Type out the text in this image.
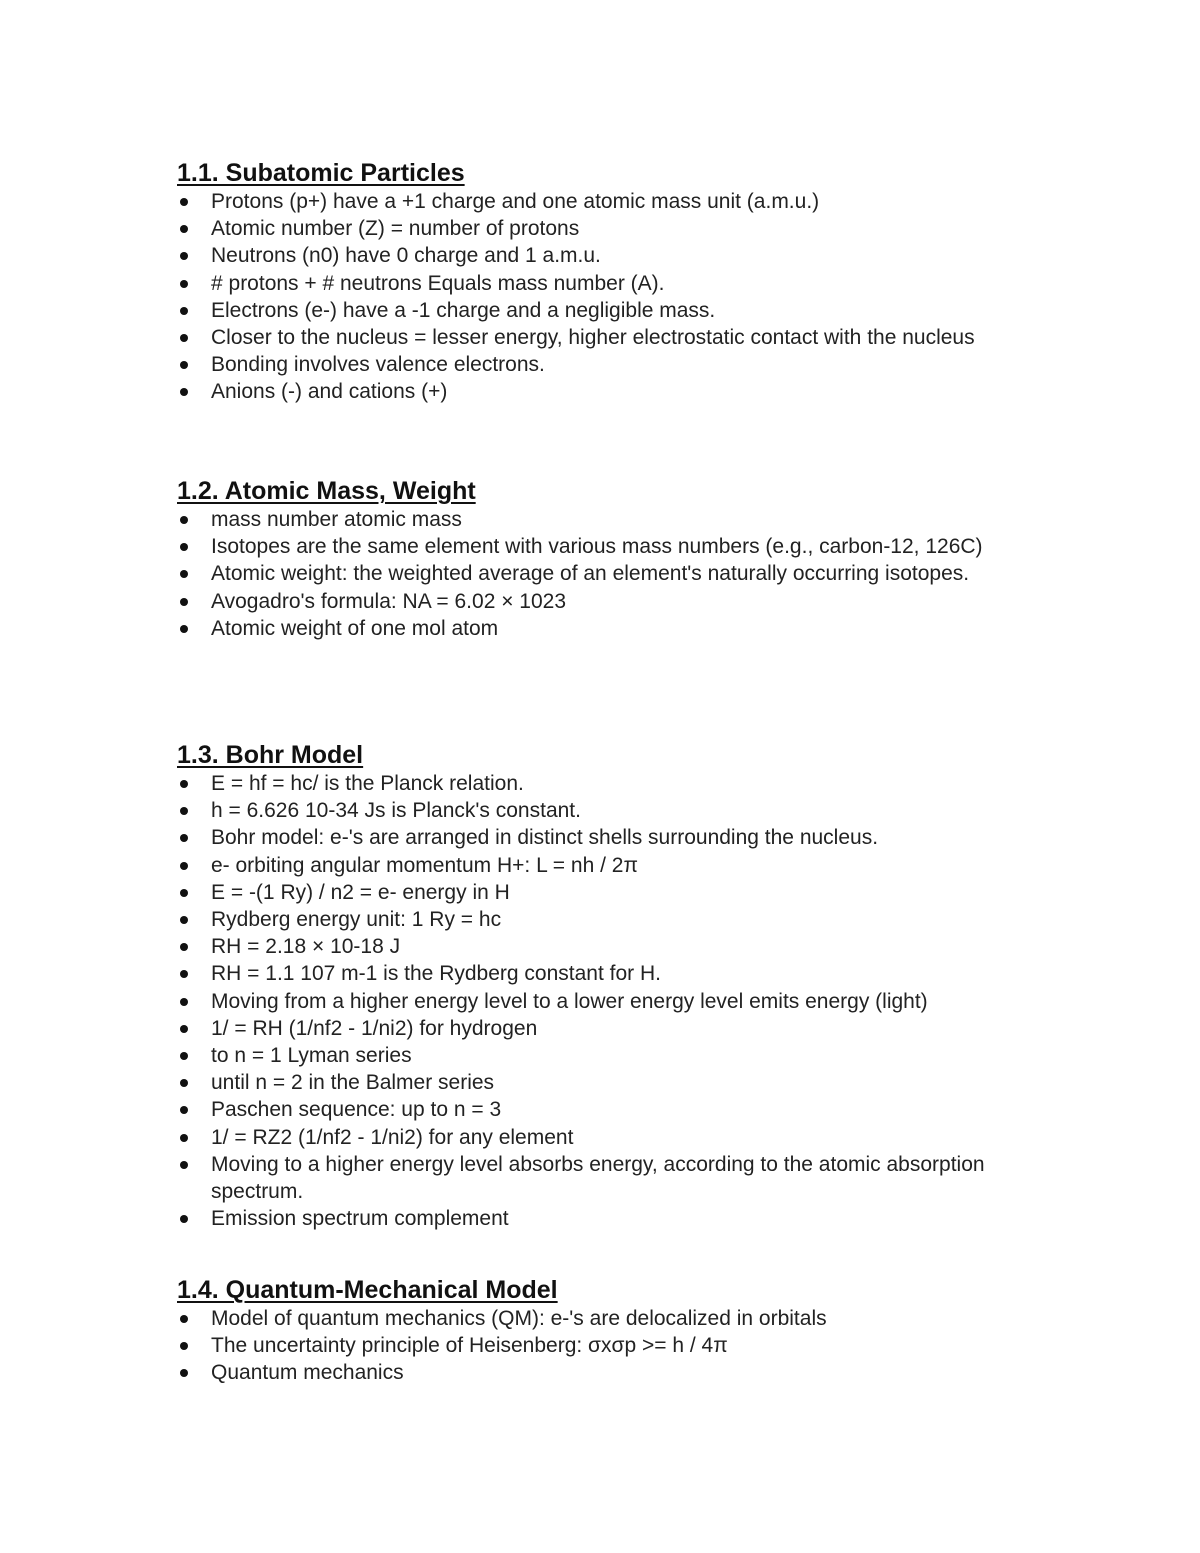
1.1. Subatomic Particles
Protons (p+) have a +1 charge and one atomic mass unit (a.m.u.)
Atomic number (Z) = number of protons
Neutrons (n0) have 0 charge and 1 a.m.u.
# protons + # neutrons Equals mass number (A).
Electrons (e-) have a -1 charge and a negligible mass.
Closer to the nucleus = lesser energy, higher electrostatic contact with the nucleus
Bonding involves valence electrons.
Anions (-) and cations (+)
1.2. Atomic Mass, Weight
mass number atomic mass
Isotopes are the same element with various mass numbers (e.g., carbon-12, 126C)
Atomic weight: the weighted average of an element's naturally occurring isotopes.
Avogadro's formula: NA = 6.02 × 1023
Atomic weight of one mol atom
1.3. Bohr Model
E = hf = hc/ is the Planck relation.
h = 6.626 10-34 Js is Planck's constant.
Bohr model: e-'s are arranged in distinct shells surrounding the nucleus.
e- orbiting angular momentum H+: L = nh / 2π
E = -(1 Ry) / n2 = e- energy in H
Rydberg energy unit: 1 Ry = hc
RH = 2.18 × 10-18 J
RH = 1.1 107 m-1 is the Rydberg constant for H.
Moving from a higher energy level to a lower energy level emits energy (light)
1/ = RH (1/nf2 - 1/ni2) for hydrogen
to n = 1 Lyman series
until n = 2 in the Balmer series
Paschen sequence: up to n = 3
1/ = RZ2 (1/nf2 - 1/ni2) for any element
Moving to a higher energy level absorbs energy, according to the atomic absorption spectrum.
Emission spectrum complement
1.4. Quantum-Mechanical Model
Model of quantum mechanics (QM): e-'s are delocalized in orbitals
The uncertainty principle of Heisenberg: σxσp >= h / 4π
Quantum mechanics
